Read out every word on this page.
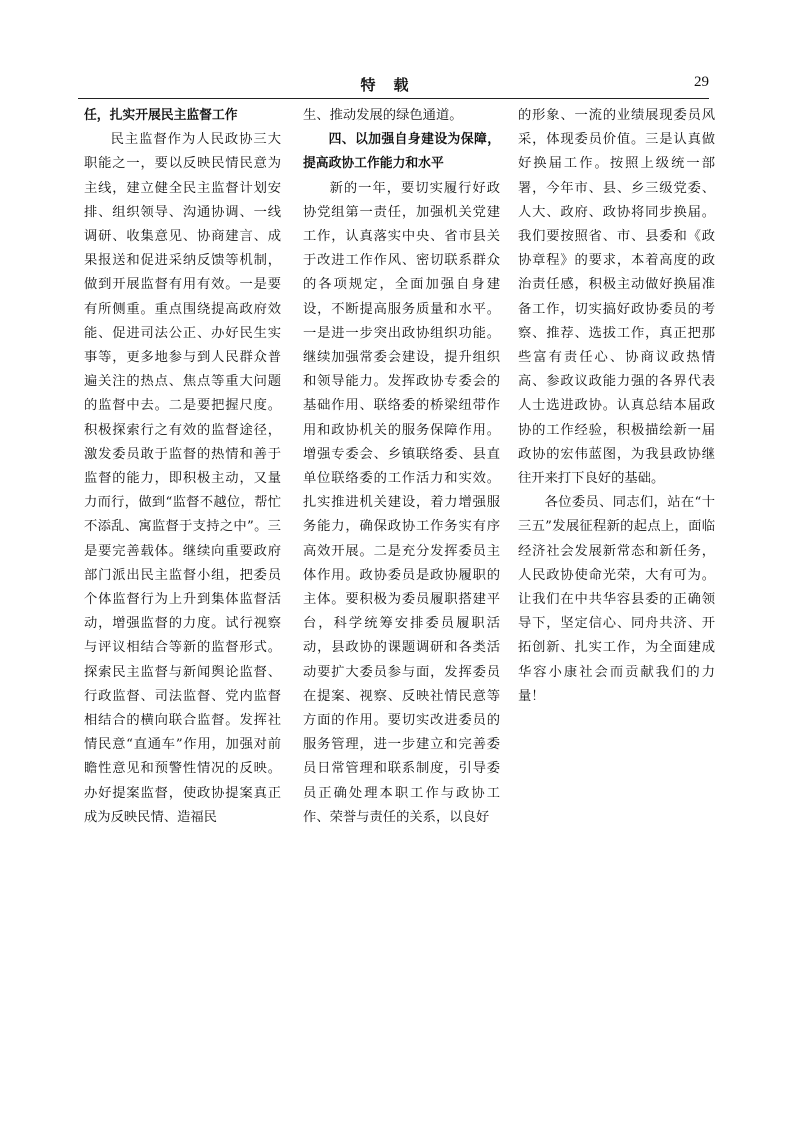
特载	29

任，扎实开展民主监督工作

民主监督作为人民政协三大职能之一，要以反映民情民意为主线，建立健全民主监督计划安排、组织领导、沟通协调、一线调研、收集意见、协商建言、成果报送和促进采纳反馈等机制，做到开展监督有用有效。一是要有所侧重。重点围绕提高政府效能、促进司法公正、办好民生实事等，更多地参与到人民群众普遍关注的热点、焦点等重大问题的监督中去。二是要把握尺度。积极探索行之有效的监督途径，激发委员敢于监督的热情和善于监督的能力，即积极主动，又量力而行，做到“监督不越位，帮忙不添乱、寓监督于支持之中”。三是要完善载体。继续向重要政府部门派出民主监督小组，把委员个体监督行为上升到集体监督活动，增强监督的力度。试行视察与评议相结合等新的监督形式。探索民主监督与新闻舆论监督、行政监督、司法监督、党内监督相结合的横向联合监督。发挥社情民意“直通车”作用，加强对前瞻性意见和预警性情况的反映。办好提案监督，使政协提案真正成为反映民情、造福民

生、推动发展的绿色通道。

四、以加强自身建设为保障，提高政协工作能力和水平

新的一年，要切实履行好政协党组第一责任，加强机关党建工作，认真落实中央、省市县关于改进工作作风、密切联系群众的各项规定，全面加强自身建设，不断提高服务质量和水平。一是进一步突出政协组织功能。继续加强常委会建设，提升组织和领导能力。发挥政协专委会的基础作用、联络委的桥梁纽带作用和政协机关的服务保障作用。增强专委会、乡镇联络委、县直单位联络委的工作活力和实效。扎实推进机关建设，着力增强服务能力，确保政协工作务实有序高效开展。二是充分发挥委员主体作用。政协委员是政协履职的主体。要积极为委员履职搭建平台，科学统筹安排委员履职活动，县政协的课题调研和各类活动要扩大委员参与面，发挥委员在提案、视察、反映社情民意等方面的作用。要切实改进委员的服务管理，进一步建立和完善委员日常管理和联系制度，引导委员正确处理本职工作与政协工作、荣誉与责任的关系，以良好

的形象、一流的业绩展现委员风采，体现委员价值。三是认真做好换届工作。按照上级统一部署，今年市、县、乡三级党委、人大、政府、政协将同步换届。我们要按照省、市、县委和《政协章程》的要求，本着高度的政治责任感，积极主动做好换届准备工作，切实搞好政协委员的考察、推荐、选拔工作，真正把那些富有责任心、协商议政热情高、参政议政能力强的各界代表人士选进政协。认真总结本届政协的工作经验，积极描绘新一届政协的宏伟蓝图，为我县政协继往开来打下良好的基础。

各位委员、同志们，站在“十三五”发展征程新的起点上，面临经济社会发展新常态和新任务，人民政协使命光荣，大有可为。让我们在中共华容县委的正确领导下，坚定信心、同舟共济、开拓创新、扎实工作，为全面建成华容小康社会而贡献我们的力量！
